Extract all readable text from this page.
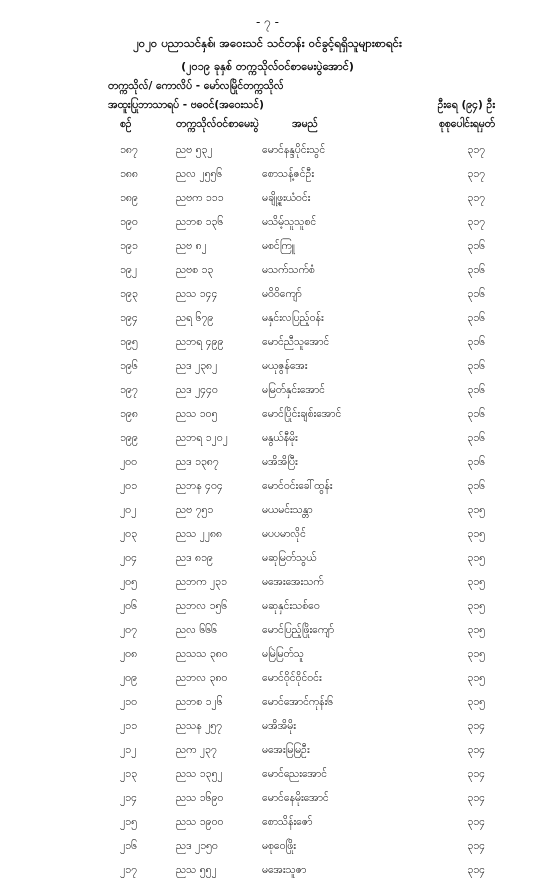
- ၇ -
၂၀၂၀ ပညာသင်နှစ်၊ အဝေးသင် သင်တန်း ဝင်ခွင့်ရရှိသူများစာရင်း
(၂၀၁၉ ခုနှစ် တက္ကသိုလ်ဝင်စာမေးပွဲအောင်)
တက္ကသိုလ်/ ကောလိပ် - မော်လမြိုင်တက္ကသိုလ်
အထူးပြုဘာသာရပ် - ဗဓဝင်(အဝေးသင်)	ဦးရေ (၉၄) ဦး
စဉ်	တက္ကသိုလ်ဝင်စာမေးပွဲ	အမည်	စုစုပေါင်းရမှတ်
၁၈၇	ညဗ ၅၃၂	မောင်နန္ဒပိုင်းသွင်	၃၁၇
၁၈၈	ညလ ၂၅၅၆	စောသန့်ဇင်ဦး	၃၁၇
၁၈၉	ညဗက ၁၁၁	မချို့ဖူးယံဝင်း	၃၁၇
၁၉၀	ညဘစ ၁၃၆	မသိမ့်သူသူစင်	၃၁၇
၁၉၁	ညဗ ၈၂	မစင်ကြူ	၃၁၆
၁၉၂	ညဗစ ၁၃	မသက်သက်စံ	၃၁၆
၁၉၃	ညသ ၁၄၄	မဝိဝိကျော်	၃၁၆
၁၉၄	ညရ ၆၇၉	မနှင်းလပြည့်ဝန်း	၃၁၆
၁၉၅	ညဘရ ၄၉၉	မောင်ညီသူအောင်	၃၁၆
၁၉၆	ညဒ ၂၃၈၂	မယုဇွန်အေး	၃၁၆
၁၉၇	ညဒ ၂၄၄၀	မမြတ်နှင်းအောင်	၃၁၆
၁၉၈	ညသ ၁၀၅	မောင်ပြိုင်းချစ်းအောင်	၃၁၆
၁၉၉	ညဘရ ၁၂၀၂	မနွယ်နီမိုး	၃၁၆
၂၀၀	ညဒ ၁၃၈၇	မအိအိပြီး	၃၁၆
၂၀၁	ညဘန ၄၀၄	မောင်ဝင်းခေါ်ထွန်း	၃၁၆
၂၀၂	ညဗ ၇၅၁	မယမင်းသန္တာ	၃၁၅
၂၀၃	ညသ ၂၂၈၈	မပပမာလိုင်	၃၁၅
၂၀၄	ညဒ ၈၁၉	မဆုမြတ်သွယ်	၃၁၅
၂၀၅	ညဘက ၂၃၁	မအေးအေးသက်	၃၁၅
၂၀၆	ညဘလ ၁၅၆	မဆုနှင်းသစ်ဝေ	၃၁၅
၂၀၇	ညလ ၆၆၆	မောင်ပြည့်ဖြိုးကျော်	၃၁၅
၂၀၈	ညသသ ၃၈၀	မမြဲမြတ်သူ	၃၁၅
၂၀၉	ညဘလ ၃၈၀	မောင်ဝိုင်ဝိုင်ဝင်း	၃၁၅
၂၁၀	ညဘစ ၁၂၆	မောင်အောင်ကုန်း၆	၃၁၅
၂၁၁	ညသန ၂၅၇	မအိအိမိုး	၃၁၄
၂၁၂	ညက ၂၃၇	မအေးမြမြဦး	၃၁၄
၂၁၃	ညသ ၁၃၅၂	မောင်ညေးအောင်	၃၁၄
၂၁၄	ညသ ၁၆၉၀	မောင်နေမိုးအောင်	၃၁၄
၂၁၅	ညသ ၁၉၀၀	စောသိန်းဇော်	၃၁၄
၂၁၆	ညဒ ၂၁၅၀	မစုဝေဖြိုး	၃၁၄
၂၁၇	ညသ ၅၅၂	မအေးသူဇာ	၃၁၄
